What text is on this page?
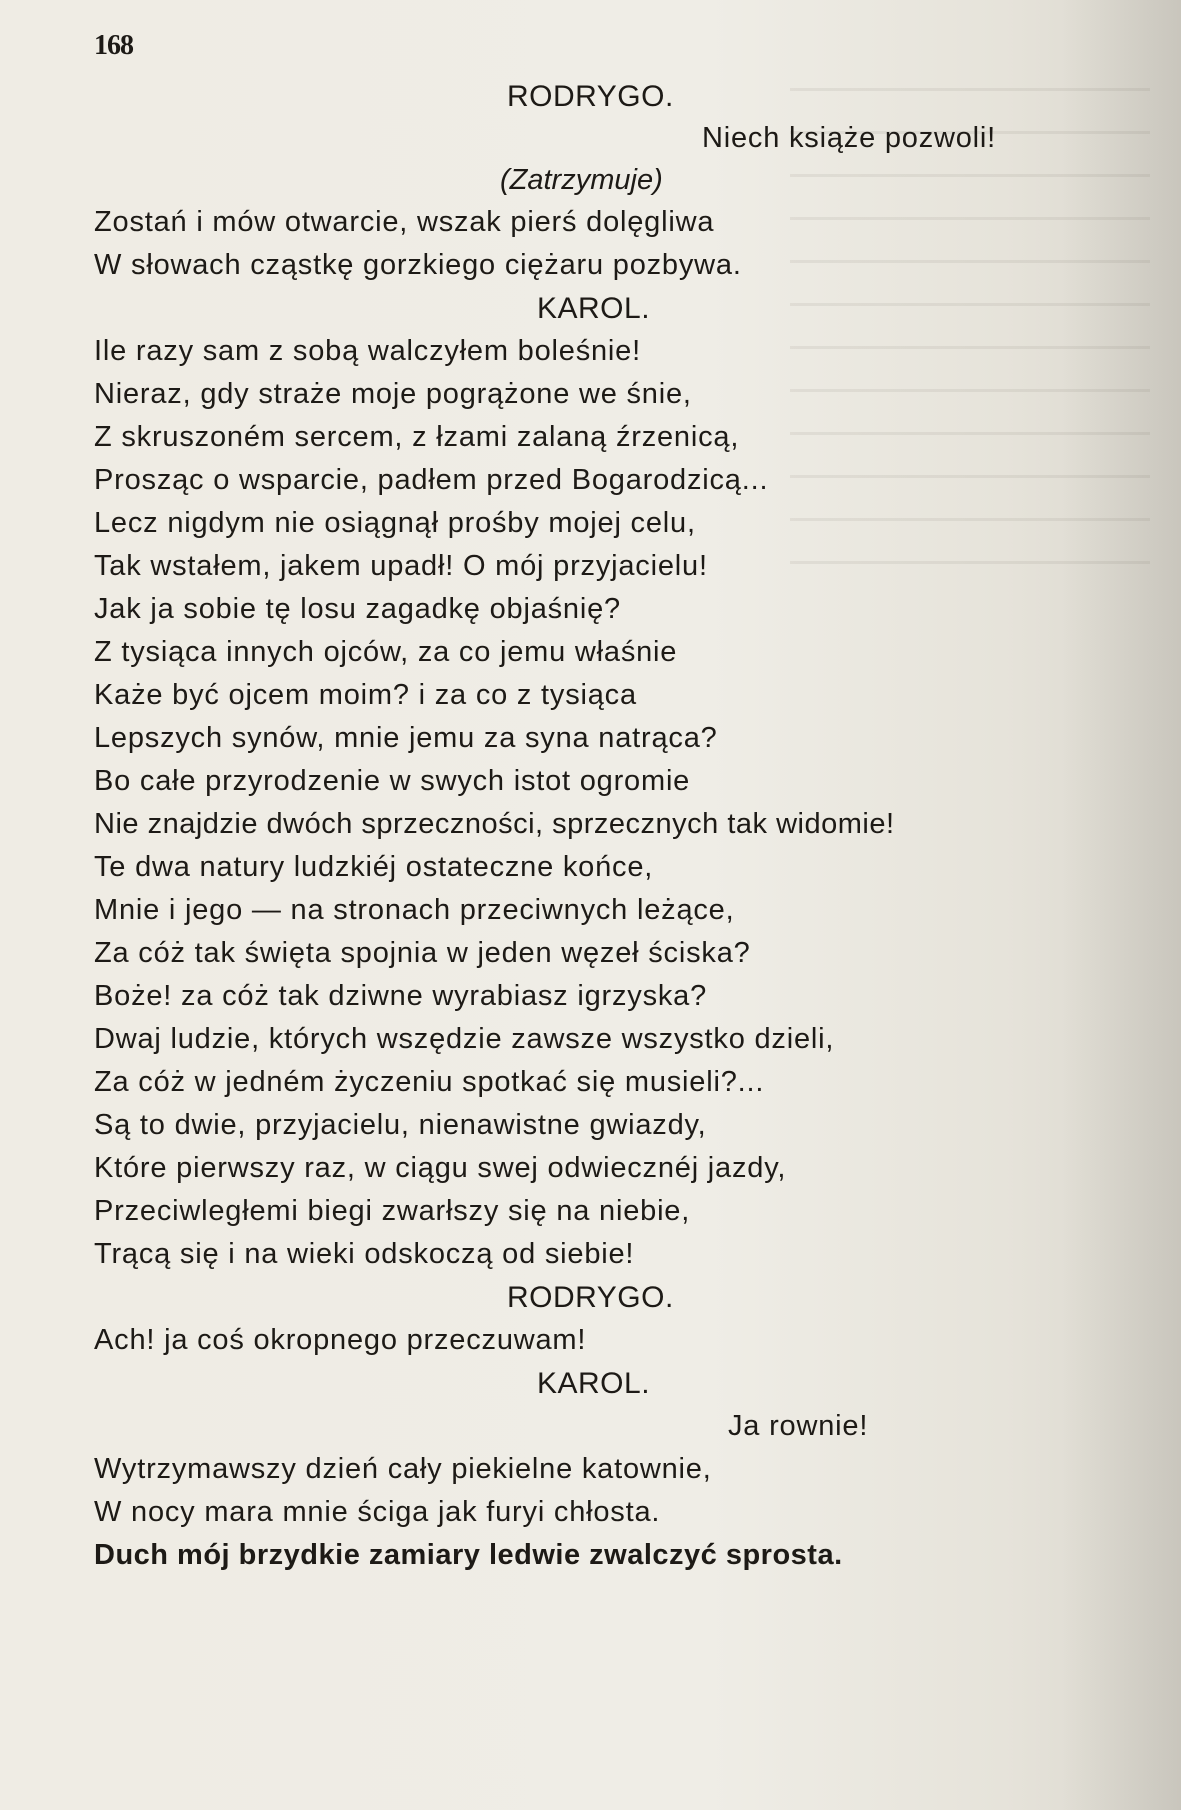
168
RODRYGO.
Niech książe pozwoli!
(Zatrzymuje)
Zostań i mów otwarcie, wszak pierś dolęgliwa
W słowach cząstkę gorzkiego ciężaru pozbywa.
KAROL.
Ile razy sam z sobą walczyłem boleśnie!
Nieraz, gdy straże moje pogrążone we śnie,
Z skruszoném sercem, z łzami zalaną źrzenicą,
Prosząc o wsparcie, padłem przed Bogarodzicą...
Lecz nigdym nie osiągnął prośby mojej celu,
Tak wstałem, jakem upadł! O mój przyjacielu!
Jak ja sobie tę losu zagadkę objaśnię?
Z tysiąca innych ojców, za co jemu właśnie
Każe być ojcem moim? i za co z tysiąca
Lepszych synów, mnie jemu za syna natrąca?
Bo całe przyrodzenie w swych istot ogromie
Nie znajdzie dwóch sprzeczności, sprzecznych tak widomie!
Te dwa natury ludzkiéj ostateczne końce,
Mnie i jego — na stronach przeciwnych leżące,
Za cóż tak święta spojnia w jeden węzeł ściska?
Boże! za cóż tak dziwne wyrabiasz igrzyska?
Dwaj ludzie, których wszędzie zawsze wszystko dzieli,
Za cóż w jedném życzeniu spotkać się musieli?...
Są to dwie, przyjacielu, nienawistne gwiazdy,
Które pierwszy raz, w ciągu swej odwiecznéj jazdy,
Przeciwległemi biegi zwarłszy się na niebie,
Trącą się i na wieki odskoczą od siebie!
RODRYGO.
Ach! ja coś okropnego przeczuwam!
KAROL.
Ja rownie!
Wytrzymawszy dzień cały piekielne katownie,
W nocy mara mnie ściga jak furyi chłosta.
Duch mój brzydkie zamiary ledwie zwalczyć sprosta.
